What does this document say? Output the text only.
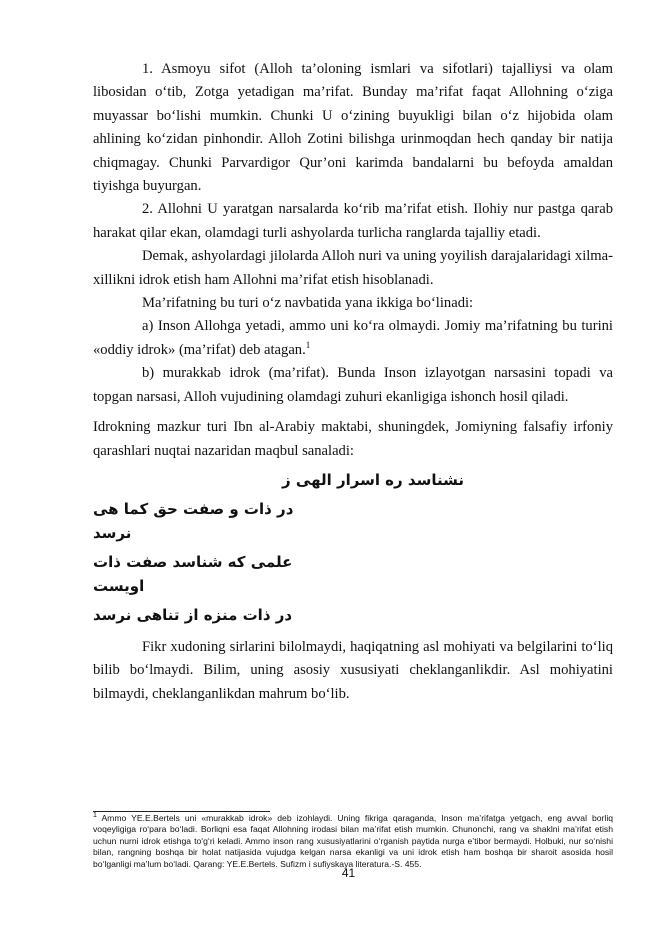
1. Asmoyu sifot (Alloh ta’oloning ismlari va sifotlari) tajalliysi va olam libosidan o‘tib, Zotga yetadigan ma’rifat. Bunday ma’rifat faqat Allohning o‘ziga muyassar bo‘lishi mumkin. Chunki U o‘zining buyukligi bilan o‘z hijobida olam ahlining ko‘zidan pinhondir. Alloh Zotini bilishga urinmoqdan hech qanday bir natija chiqmagay. Chunki Parvardigor Qur’oni karimda bandalarni bu befoyda amaldan tiyishga buyurgan.

2. Allohni U yaratgan narsalarda ko‘rib ma’rifat etish. Ilohiy nur pastga qarab harakat qilar ekan, olamdagi turli ashyolarda turlicha ranglarda tajalliy etadi.

Demak, ashyolardagi jilolarda Alloh nuri va uning yoyilish darajalaridagi xilma-xillikni idrok etish ham Allohni ma’rifat etish hisoblanadi.

Ma’rifatning bu turi o‘z navbatida yana ikkiga bo‘linadi:

a) Inson Allohga yetadi, ammo uni ko‘ra olmaydi. Jomiy ma’rifatning bu turini «oddiy idrok» (ma’rifat) deb atagan.$^1$

b) murakkab idrok (ma’rifat). Bunda Inson izlayotgan narsasini topadi va topgan narsasi, Alloh vujudining olamdagi zuhuri ekanligiga ishonch hosil qiladi.

Idrokning mazkur turi Ibn al-Arabiy maktabi, shuningdek, Jomiyning falsafiy irfoniy qarashlari nuqtai nazaridan maqbul sanaladi:

نشناسد ره اسرار الهی ز

در ذات و صفت حق کما هی نرسد

علمی که شناسد صفت ذات اویست

در ذات منزه از تناهی نرسد

Fikr xudoning sirlarini bilolmaydi, haqiqatning asl mohiyati va belgilarini to‘liq bilib bo‘lmaydi. Bilim, uning asosiy xususiyati cheklanganlikdir. Asl mohiyatini bilmaydi, cheklanganlikdan mahrum bo‘lib.

$^1$ Ammo YE.E.Bertels uni «murakkab idrok» deb izohlaydi. Uning fikriga qaraganda, Inson ma’rifatga yetgach, eng avval borliq voqeyligiga ro‘para bo‘ladi. Borliqni esa faqat Allohning irodasi bilan ma’rifat etish mumkin. Chunonchi, rang va shaklni ma’rifat etish uchun nurni idrok etishga to‘g‘ri keladi. Ammo inson rang xususiyatlarini o‘rganish paytida nurga e’tibor bermaydi. Holbuki, nur so‘nishi bilan, rangning boshqa bir holat natijasida vujudga kelgan narsa ekanligi va uni idrok etish ham boshqa bir sharoit asosida hosil bo‘lganligi ma’lum bo‘ladi. Qarang: YE.E.Bertels. Sufizm i sufiyskaya literatura.-S. 455.

41
